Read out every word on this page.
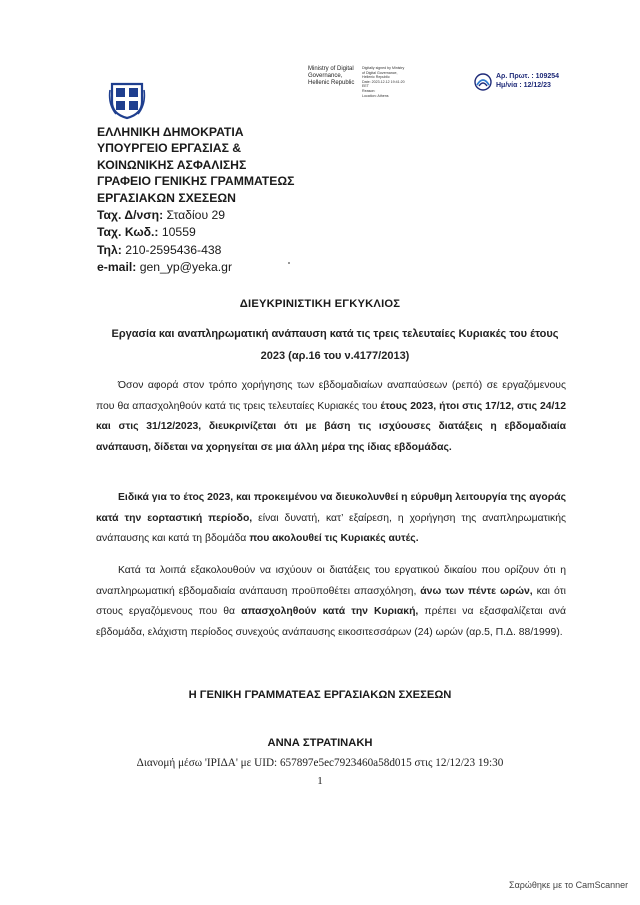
Ministry of Digital
Governance,
Hellenic Republic
Digitally signed by Ministry
of Digital Governance,
Hellenic Republic
Date: 2023.12.12 19:41:20
EET
Reason:
Location: Athens
Αρ. Πρωτ. : 109254
Ημ/νία : 12/12/23
ΕΛΛΗΝΙΚΗ ΔΗΜΟΚΡΑΤΙΑ
ΥΠΟΥΡΓΕΙΟ ΕΡΓΑΣΙΑΣ &
ΚΟΙΝΩΝΙΚΗΣ ΑΣΦΑΛΙΣΗΣ
ΓΡΑΦΕΙΟ ΓΕΝΙΚΗΣ ΓΡΑΜΜΑΤΕΩΣ
ΕΡΓΑΣΙΑΚΩΝ ΣΧΕΣΕΩΝ
Ταχ. Δ/νση: Σταδίου 29
Ταχ. Κωδ.: 10559
Τηλ: 210-2595436-438
e-mail: gen_yp@yeka.gr
ΔΙΕΥΚΡΙΝΙΣΤΙΚΗ ΕΓΚΥΚΛΙΟΣ
Εργασία και αναπληρωματική ανάπαυση κατά τις τρεις τελευταίες Κυριακές του έτους
2023 (αρ.16 του ν.4177/2013)
Όσον αφορά στον τρόπο χορήγησης των εβδομαδιαίων αναπαύσεων (ρεπό) σε εργαζόμενους που θα απασχοληθούν κατά τις τρεις τελευταίες Κυριακές του έτους 2023, ήτοι στις 17/12, στις 24/12 και στις 31/12/2023, διευκρινίζεται ότι με βάση τις ισχύουσες διατάξεις η εβδομαδιαία ανάπαυση, δίδεται να χορηγείται σε μια άλλη μέρα της ίδιας εβδομάδας.
Ειδικά για το έτος 2023, και προκειμένου να διευκολυνθεί η εύρυθμη λειτουργία της αγοράς κατά την εορταστική περίοδο, είναι δυνατή, κατ’ εξαίρεση, η χορήγηση της αναπληρωματικής ανάπαυσης και κατά τη βδομάδα που ακολουθεί τις Κυριακές αυτές.
Κατά τα λοιπά εξακολουθούν να ισχύουν οι διατάξεις του εργατικού δικαίου που ορίζουν ότι η αναπληρωματική εβδομαδιαία ανάπαυση προϋποθέτει απασχόληση, άνω των πέντε ωρών, και ότι στους εργαζόμενους που θα απασχοληθούν κατά την Κυριακή, πρέπει να εξασφαλίζεται ανά εβδομάδα, ελάχιστη περίοδος συνεχούς ανάπαυσης εικοσιτεσσάρων (24) ωρών (αρ.5, Π.Δ. 88/1999).
Η ΓΕΝΙΚΗ ΓΡΑΜΜΑΤΕΑΣ ΕΡΓΑΣΙΑΚΩΝ ΣΧΕΣΕΩΝ
ΑΝΝΑ ΣΤΡΑΤΙΝΑΚΗ
Διανομή μέσω 'ΙΡΙΔΑ' με UID: 657897e5ec7923460a58d015 στις 12/12/23 19:30
1
Σαρώθηκε με το CamScanner
